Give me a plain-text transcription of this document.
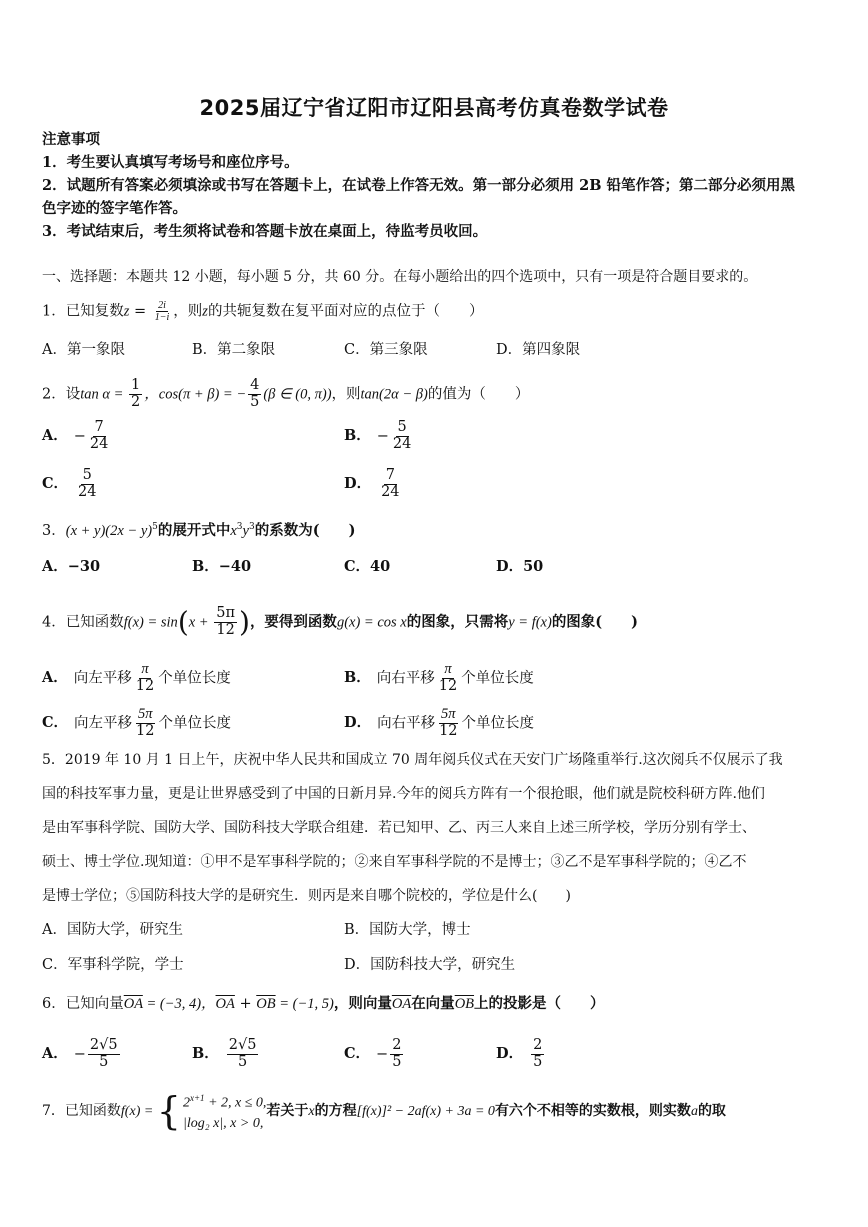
2025届辽宁省辽阳市辽阳县高考仿真卷数学试卷
注意事项
1．考生要认真填写考场号和座位序号。
2．试题所有答案必须填涂或书写在答题卡上，在试卷上作答无效。第一部分必须用 2B 铅笔作答；第二部分必须用黑
色字迹的签字笔作答。
3．考试结束后，考生须将试卷和答题卡放在桌面上，待监考员收回。
一、选择题：本题共 12 小题，每小题 5 分，共 60 分。在每小题给出的四个选项中，只有一项是符合题目要求的。
1．已知复数$z = \frac{2i}{1-i}$ ，则z的共轭复数在复平面对应的点位于（　　）
A．第一象限	B．第二象限	C．第三象限	D．第四象限
2．设$\tan \alpha = \frac{1}{2}$ ，cos(π + β) = − $\frac{4}{5} (\beta$ ∈ (0, π))，则tan(2α − β)的值为（　　）
A． − $\frac{7}{24}$	B． − $\frac{5}{24}$
C． $\frac{5}{24}$	D． $\frac{7}{24}$
3．$(x + y)(2x - y)^5$的展开式中$x^3y^3$的系数为(　　)
A．−30	B．−40	C．40	D．50
4．已知函数$f(x) = \sin(x + \frac{5\pi}{12}$ )，要得到函数g(x) = cos x的图象，只需将y = f(x)的图象(　　)
A． 向左平移 $\frac{\pi}{12}$ 个单位长度	B． 向右平移 $\frac{\pi}{12}$ 个单位长度
C． 向左平移 $\frac{5\pi}{12}$ 个单位长度	D． 向右平移 $\frac{5\pi}{12}$ 个单位长度
5．2019 年 10 月 1 日上午，庆祝中华人民共和国成立 70 周年阅兵仪式在天安门广场隆重举行.这次阅兵不仅展示了我
国的科技军事力量，更是让世界感受到了中国的日新月异.今年的阅兵方阵有一个很抢眼，他们就是院校科研方阵.他们
是由军事科学院、国防大学、国防科技大学联合组建．若已知甲、乙、丙三人来自上述三所学校，学历分别有学士、
硕士、博士学位.现知道：①甲不是军事科学院的；②来自军事科学院的不是博士；③乙不是军事科学院的；④乙不
是博士学位；⑤国防科技大学的是研究生．则丙是来自哪个院校的，学位是什么(　　)
A．国防大学，研究生	B．国防大学，博士
C．军事科学院，学士	D．国防科技大学，研究生
6．已知向量$\overline{OA} = (-3$, 4)，$\overline{OA} + \overline{OB} = (-1$, 5)，则向量$\overline{OA}$在向量$\overline{OB}$上的投影是（　　）
A． − $\frac{2√5}{5}$	B． $\frac{2√5}{5}$	C． − $\frac{2}{5}$	D． $\frac{2}{5}$
7．已知函数f(x) = { $2^{x+1} + 2$, x ≤ 0,
|log₂ x|, x > 0,
若关于x的方程[f(x)]² − 2af(x) + 3a = 0有六个不相等的实数根，则实数a的取
